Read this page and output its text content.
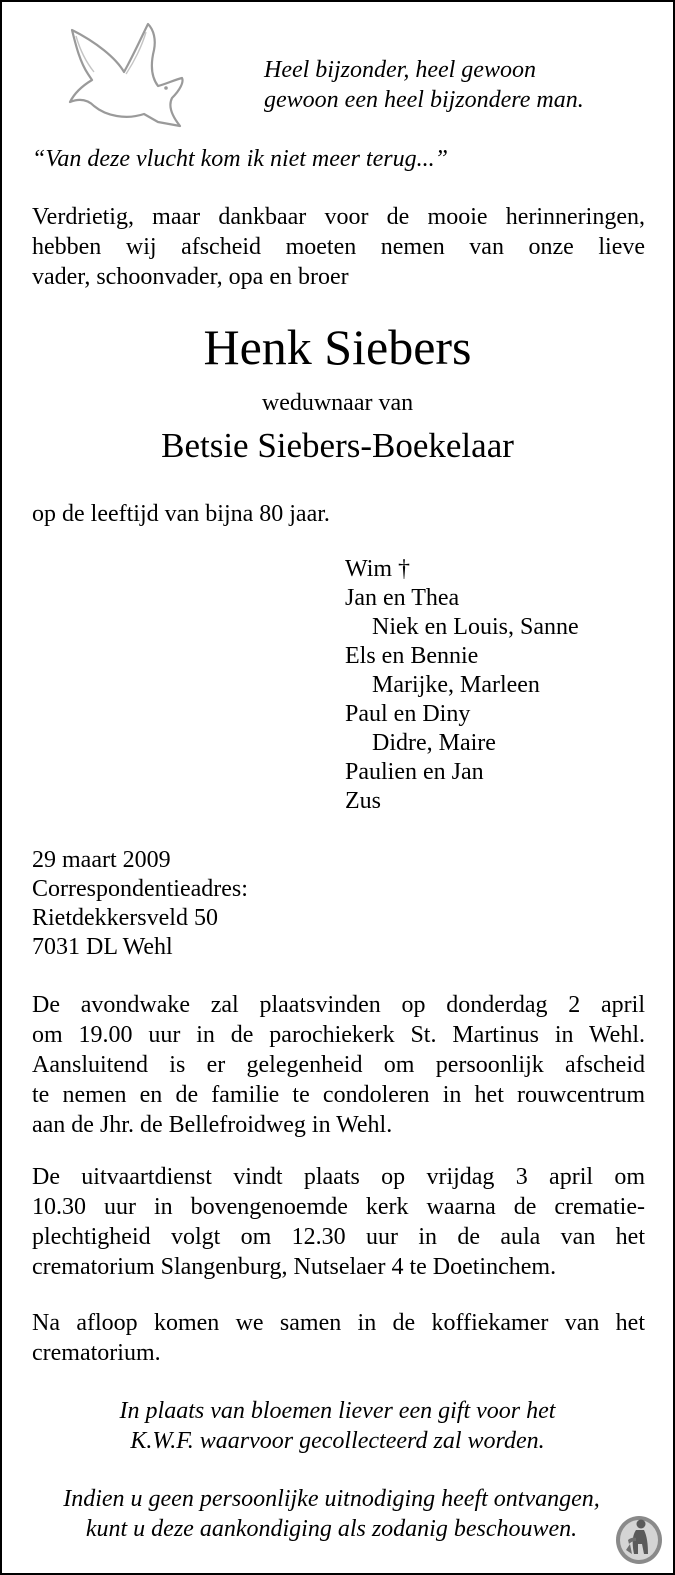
Heel bijzonder, heel gewoon
gewoon een heel bijzondere man.
“Van deze vlucht kom ik niet meer terug...”
Verdrietig, maar dankbaar voor de mooie herinneringen,
hebben wij afscheid moeten nemen van onze lieve
vader, schoonvader, opa en broer
Henk Siebers
weduwnaar van
Betsie Siebers-Boekelaar
op de leeftijd van bijna 80 jaar.
Wim †
Jan en Thea
Niek en Louis, Sanne
Els en Bennie
Marijke, Marleen
Paul en Diny
Didre, Maire
Paulien en Jan
Zus
29 maart 2009
Correspondentieadres:
Rietdekkersveld 50
7031 DL Wehl
De avondwake zal plaatsvinden op donderdag 2 april
om 19.00 uur in de parochiekerk St. Martinus in Wehl.
Aansluitend is er gelegenheid om persoonlijk afscheid
te nemen en de familie te condoleren in het rouwcentrum
aan de Jhr. de Bellefroidweg in Wehl.
De uitvaartdienst vindt plaats op vrijdag 3 april om
10.30 uur in bovengenoemde kerk waarna de crematie-
plechtigheid volgt om 12.30 uur in de aula van het
crematorium Slangenburg, Nutselaer 4 te Doetinchem.
Na afloop komen we samen in de koffiekamer van het
crematorium.
In plaats van bloemen liever een gift voor het
K.W.F. waarvoor gecollecteerd zal worden.
Indien u geen persoonlijke uitnodiging heeft ontvangen,
kunt u deze aankondiging als zodanig beschouwen.
